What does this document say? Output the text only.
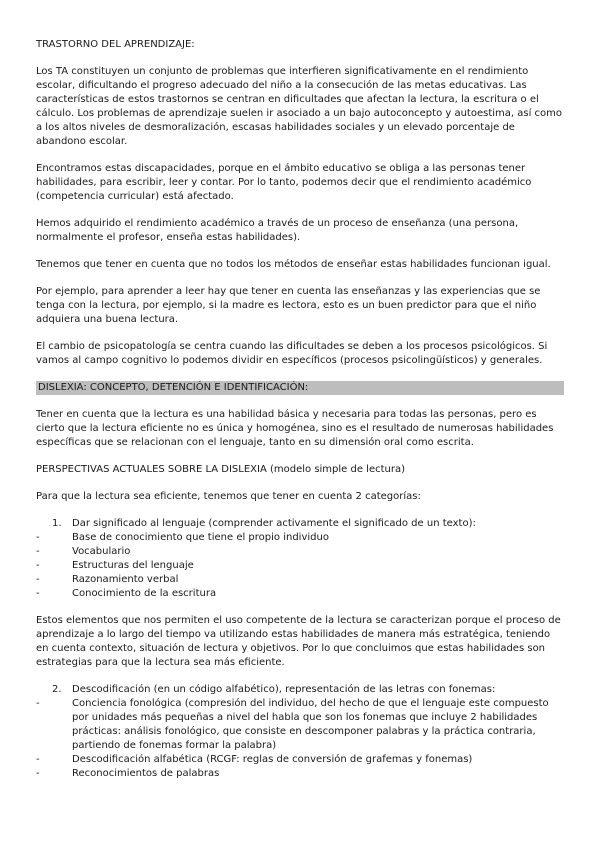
TRASTORNO DEL APRENDIZAJE:

Los TA constituyen un conjunto de problemas que interfieren significativamente en el rendimiento escolar, dificultando el progreso adecuado del niño a la consecución de las metas educativas. Las características de estos trastornos se centran en dificultades que afectan la lectura, la escritura o el cálculo. Los problemas de aprendizaje suelen ir asociado a un bajo autoconcepto y autoestima, así como a los altos niveles de desmoralización, escasas habilidades sociales y un elevado porcentaje de abandono escolar.

Encontramos estas discapacidades, porque en el ámbito educativo se obliga a las personas tener habilidades, para escribir, leer y contar. Por lo tanto, podemos decir que el rendimiento académico (competencia curricular) está afectado.

Hemos adquirido el rendimiento académico a través de un proceso de enseñanza (una persona, normalmente el profesor, enseña estas habilidades).

Tenemos que tener en cuenta que no todos los métodos de enseñar estas habilidades funcionan igual.

Por ejemplo, para aprender a leer hay que tener en cuenta las enseñanzas y las experiencias que se tenga con la lectura, por ejemplo, si la madre es lectora, esto es un buen predictor para que el niño adquiera una buena lectura.

El cambio de psicopatología se centra cuando las dificultades se deben a los procesos psicológicos. Si vamos al campo cognitivo lo podemos dividir en específicos (procesos psicolingüísticos) y generales.

DISLEXIA: CONCEPTO, DETENCIÓN E IDENTIFICACIÓN:

Tener en cuenta que la lectura es una habilidad básica y necesaria para todas las personas, pero es cierto que la lectura eficiente no es única y homogénea, sino es el resultado de numerosas habilidades específicas que se relacionan con el lenguaje, tanto en su dimensión oral como escrita.

PERSPECTIVAS ACTUALES SOBRE LA DISLEXIA (modelo simple de lectura)

Para que la lectura sea eficiente, tenemos que tener en cuenta 2 categorías:

1.	Dar significado al lenguaje (comprender activamente el significado de un texto):
-	Base de conocimiento que tiene el propio individuo
-	Vocabulario
-	Estructuras del lenguaje
-	Razonamiento verbal
-	Conocimiento de la escritura

Estos elementos que nos permiten el uso competente de la lectura se caracterizan porque el proceso de aprendizaje a lo largo del tiempo va utilizando estas habilidades de manera más estratégica, teniendo en cuenta contexto, situación de lectura y objetivos. Por lo que concluimos que estas habilidades son estrategias para que la lectura sea más eficiente.

2.	Descodificación (en un código alfabético), representación de las letras con fonemas:
-	Conciencia fonológica (compresión del individuo, del hecho de que el lenguaje este compuesto por unidades más pequeñas a nivel del habla que son los fonemas que incluye 2 habilidades prácticas: análisis fonológico, que consiste en descomponer palabras y la práctica contraria, partiendo de fonemas formar la palabra)
-	Descodificación alfabética (RCGF: reglas de conversión de grafemas y fonemas)
-	Reconocimientos de palabras
